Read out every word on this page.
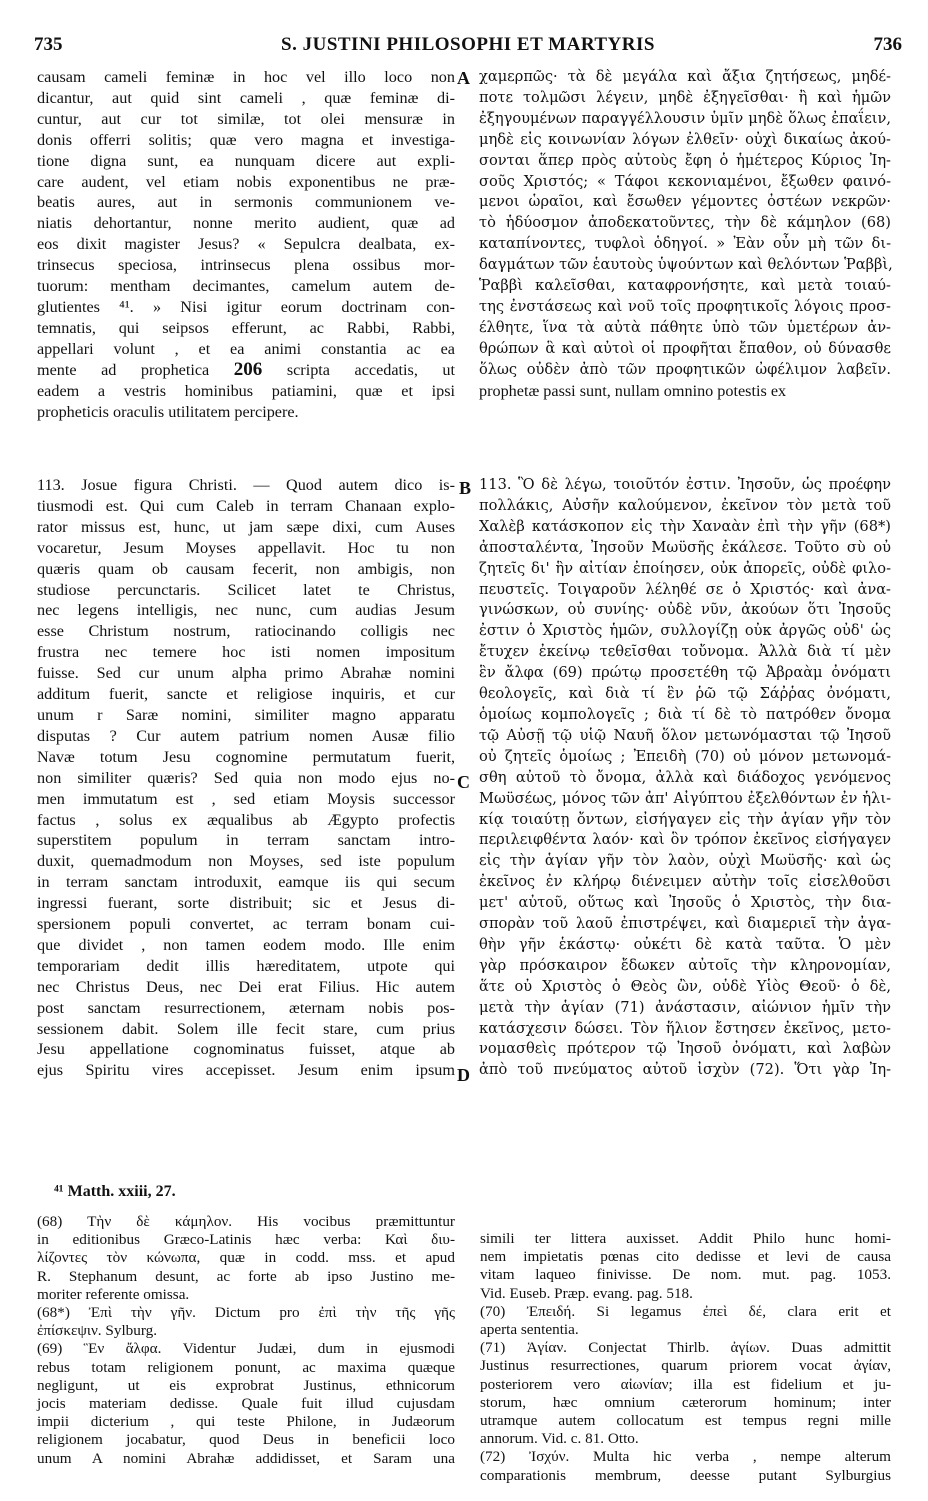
735	S. JUSTINI PHILOSOPHI ET MARTYRIS	736
A
B
C
D
causam cameli feminæ in hoc vel illo loco non
dicantur, aut quid sint cameli , quæ feminæ di-
cuntur, aut cur tot similæ, tot olei mensuræ in
donis offerri solitis; quæ vero magna et investiga-
tione digna sunt, ea nunquam dicere aut expli-
care audent, vel etiam nobis exponentibus ne præ-
beatis aures, aut in sermonis communionem ve-
niatis dehortantur, nonne merito audient, quæ ad
eos dixit magister Jesus? « Sepulcra dealbata, ex-
trinsecus speciosa, intrinsecus plena ossibus mor-
tuorum: mentham decimantes, camelum autem de-
glutientes ⁴¹. » Nisi igitur eorum doctrinam con-
temnatis, qui seipsos efferunt, ac Rabbi, Rabbi,
appellari volunt , et ea animi constantia ac ea
mente ad prophetica 206 scripta accedatis, ut
eadem a vestris hominibus patiamini, quæ et ipsi
propheticis oraculis utilitatem percipere.
χαμερπῶς· τὰ δὲ μεγάλα καὶ ἄξια ζητήσεως, μηδέ-
ποτε τολμῶσι λέγειν, μηδὲ ἐξηγεῖσθαι· ἢ καὶ ἡμῶν
ἐξηγουμένων παραγγέλλουσιν ὑμῖν μηδὲ ὅλως ἐπαΐειν,
μηδὲ εἰς κοινωνίαν λόγων ἐλθεῖν· οὐχὶ δικαίως ἀκού-
σονται ἅπερ πρὸς αὐτοὺς ἔφη ὁ ἡμέτερος Κύριος Ἰη-
σοῦς Χριστός; « Τάφοι κεκονιαμένοι, ἔξωθεν φαινό-
μενοι ὡραῖοι, καὶ ἔσωθεν γέμοντες ὀστέων νεκρῶν·
τὸ ἡδύοσμον ἀποδεκατοῦντες, τὴν δὲ κάμηλον (68)
καταπίνοντες, τυφλοὶ ὁδηγοί. » Ἐὰν οὖν μὴ τῶν δι-
δαγμάτων τῶν ἑαυτοὺς ὑψούντων καὶ θελόντων Ῥαββὶ,
Ῥαββὶ καλεῖσθαι, καταφρονήσητε, καὶ μετὰ τοιαύ-
της ἐνστάσεως καὶ νοῦ τοῖς προφητικοῖς λόγοις προσ-
έλθητε, ἵνα τὰ αὐτὰ πάθητε ὑπὸ τῶν ὑμετέρων ἀν-
θρώπων ἃ καὶ αὐτοὶ οἱ προφῆται ἔπαθον, οὐ δύνασθε
ὅλως οὐδὲν ἀπὸ τῶν προφητικῶν ὠφέλιμον λαβεῖν.
prophetæ passi sunt, nullam omnino potestis ex
113. Josue figura Christi. — Quod autem dico is-
tiusmodi est. Qui cum Caleb in terram Chanaan explo-
rator missus est, hunc, ut jam sæpe dixi, cum Auses
vocaretur, Jesum Moyses appellavit. Hoc tu non
quæris quam ob causam fecerit, non ambigis, non
studiose percunctaris. Scilicet latet te Christus,
nec legens intelligis, nec nunc, cum audias Jesum
esse Christum nostrum, ratiocinando colligis nec
frustra nec temere hoc isti nomen impositum
fuisse. Sed cur unum alpha primo Abrahæ nomini
additum fuerit, sancte et religiose inquiris, et cur
unum r Saræ nomini, similiter magno apparatu
disputas ? Cur autem patrium nomen Ausæ filio
Navæ totum Jesu cognomine permutatum fuerit,
non similiter quæris? Sed quia non modo ejus no-
men immutatum est , sed etiam Moysis successor
factus , solus ex æqualibus ab Ægypto profectis
superstitem populum in terram sanctam intro-
duxit, quemadmodum non Moyses, sed iste populum
in terram sanctam introduxit, eamque iis qui secum
ingressi fuerant, sorte distribuit; sic et Jesus di-
spersionem populi convertet, ac terram bonam cui-
que dividet , non tamen eodem modo. Ille enim
temporariam dedit illis hæreditatem, utpote qui
nec Christus Deus, nec Dei erat Filius. Hic autem
post sanctam resurrectionem, æternam nobis pos-
sessionem dabit. Solem ille fecit stare, cum prius
Jesu appellatione cognominatus fuisset, atque ab
ejus Spiritu vires accepisset. Jesum enim ipsum
113. Ὃ δὲ λέγω, τοιοῦτόν ἐστιν. Ἰησοῦν, ὡς προέφην
πολλάκις, Αὐσῆν καλούμενον, ἐκεῖνον τὸν μετὰ τοῦ
Χαλὲβ κατάσκοπον εἰς τὴν Χαναὰν ἐπὶ τὴν γῆν (68*)
ἀποσταλέντα, Ἰησοῦν Μωϋσῆς ἐκάλεσε. Τοῦτο σὺ οὐ
ζητεῖς δι' ἣν αἰτίαν ἐποίησεν, οὐκ ἀπορεῖς, οὐδὲ φιλο-
πευστεῖς. Τοιγαροῦν λέληθέ σε ὁ Χριστός· καὶ ἀνα-
γινώσκων, οὐ συνίης· οὐδὲ νῦν, ἀκούων ὅτι Ἰησοῦς
ἐστιν ὁ Χριστὸς ἡμῶν, συλλογίζῃ οὐκ ἀργῶς οὐδ' ὡς
ἔτυχεν ἐκείνῳ τεθεῖσθαι τοὔνομα. Ἀλλὰ διὰ τί μὲν
ἓν ἄλφα (69) πρώτῳ προσετέθη τῷ Ἀβραὰμ ὀνόματι
θεολογεῖς, καὶ διὰ τί ἓν ῥῶ τῷ Σάῤῥας ὀνόματι,
ὁμοίως κομπολογεῖς ; διὰ τί δὲ τὸ πατρόθεν ὄνομα
τῷ Αὐσῇ τῷ υἱῷ Ναυῆ ὅλον μετωνόμασται τῷ Ἰησοῦ
οὐ ζητεῖς ὁμοίως ; Ἐπειδὴ (70) οὐ μόνον μετωνομά-
σθη αὐτοῦ τὸ ὄνομα, ἀλλὰ καὶ διάδοχος γενόμενος
Μωϋσέως, μόνος τῶν ἀπ' Αἰγύπτου ἐξελθόντων ἐν ἡλι-
κίᾳ τοιαύτῃ ὄντων, εἰσήγαγεν εἰς τὴν ἁγίαν γῆν τὸν
περιλειφθέντα λαόν· καὶ ὃν τρόπον ἐκεῖνος εἰσήγαγεν
εἰς τὴν ἁγίαν γῆν τὸν λαὸν, οὐχὶ Μωϋσῆς· καὶ ὡς
ἐκεῖνος ἐν κλήρῳ διένειμεν αὐτὴν τοῖς εἰσελθοῦσι
μετ' αὐτοῦ, οὕτως καὶ Ἰησοῦς ὁ Χριστὸς, τὴν δια-
σπορὰν τοῦ λαοῦ ἐπιστρέψει, καὶ διαμεριεῖ τὴν ἀγα-
θὴν γῆν ἑκάστῳ· οὐκέτι δὲ κατὰ ταῦτα. Ὁ μὲν
γὰρ πρόσκαιρον ἔδωκεν αὐτοῖς τὴν κληρονομίαν,
ἅτε οὐ Χριστὸς ὁ Θεὸς ὢν, οὐδὲ Υἱὸς Θεοῦ· ὁ δὲ,
μετὰ τὴν ἁγίαν (71) ἀνάστασιν, αἰώνιον ἡμῖν τὴν
κατάσχεσιν δώσει. Τὸν ἥλιον ἔστησεν ἐκεῖνος, μετο-
νομασθεὶς πρότερον τῷ Ἰησοῦ ὀνόματι, καὶ λαβὼν
ἀπὸ τοῦ πνεύματος αὐτοῦ ἰσχὺν (72). Ὅτι γὰρ Ἰη-
⁴¹ Matth. xxiii, 27.
(68) Τὴν δὲ κάμηλον. His vocibus præmittuntur
in editionibus Græco-Latinis hæc verba: Καὶ διυ-
λίζοντες τὸν κώνωπα, quæ in codd. mss. et apud
R. Stephanum desunt, ac forte ab ipso Justino me-
moriter referente omissa.
(68*) Ἐπὶ τὴν γῆν. Dictum pro ἐπὶ τὴν τῆς γῆς
ἐπίσκεψιν. Sylburg.
(69) Ἓν ἄλφα. Videntur Judæi, dum in ejusmodi
rebus totam religionem ponunt, ac maxima quæque
negligunt, ut eis exprobrat Justinus, ethnicorum
jocis materiam dedisse. Quale fuit illud cujusdam
impii dicterium , qui teste Philone, in Judæorum
religionem jocabatur, quod Deus in beneficii loco
unum A nomini Abrahæ addidisset, et Saram una
simili ter littera auxisset. Addit Philo hunc homi-
nem impietatis pœnas cito dedisse et levi de causa
vitam laqueo finivisse. De nom. mut. pag. 1053.
Vid. Euseb. Præp. evang. pag. 518.
(70) Ἐπειδή. Si legamus ἐπεὶ δέ, clara erit et
aperta sententia.
(71) Ἁγίαν. Conjectat Thirlb. ἀγίων. Duas admittit
Justinus resurrectiones, quarum priorem vocat ἁγίαν,
posteriorem vero αἰωνίαν; illa est fidelium et ju-
storum, hæc omnium cæterorum hominum; inter
utramque autem collocatum est tempus regni mille
annorum. Vid. c. 81. Otto.
(72) Ἰσχύν. Multa hic verba , nempe alterum
comparationis membrum, deesse putant Sylburgius
